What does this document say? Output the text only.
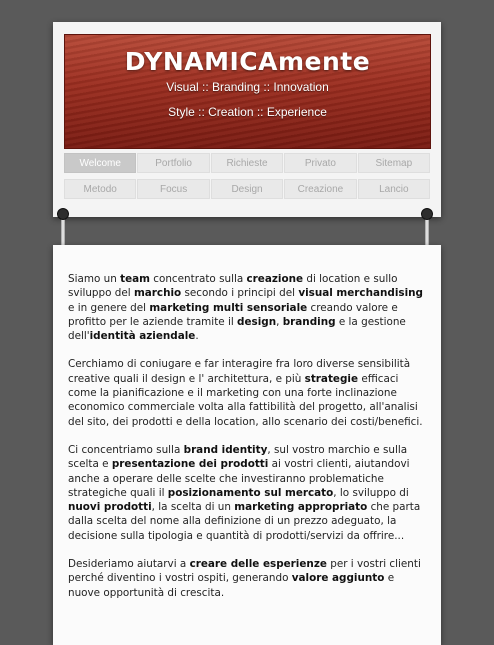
DYNAMICAmente
Visual :: Branding :: Innovation
Style :: Creation :: Experience
Welcome	Portfolio	Richieste	Privato	Sitemap
Metodo	Focus	Design	Creazione	Lancio

Siamo un team concentrato sulla creazione di location e sullo sviluppo del marchio secondo i principi del visual merchandising e in genere del marketing multi sensoriale creando valore e profitto per le aziende tramite il design, branding e la gestione dell'identità aziendale.

Cerchiamo di coniugare e far interagire fra loro diverse sensibilità creative quali il design e l' architettura, e più strategie efficaci come la pianificazione e il marketing con una forte inclinazione economico commerciale volta alla fattibilità del progetto, all'analisi del sito, dei prodotti e della location, allo scenario dei costi/benefici.

Ci concentriamo sulla brand identity, sul vostro marchio e sulla scelta e presentazione dei prodotti ai vostri clienti, aiutandovi anche a operare delle scelte che investiranno problematiche strategiche quali il posizionamento sul mercato, lo sviluppo di nuovi prodotti, la scelta di un marketing appropriato che parta dalla scelta del nome alla definizione di un prezzo adeguato, la decisione sulla tipologia e quantità di prodotti/servizi da offrire...

Desideriamo aiutarvi a creare delle esperienze per i vostri clienti perché diventino i vostri ospiti, generando valore aggiunto e nuove opportunità di crescita.
